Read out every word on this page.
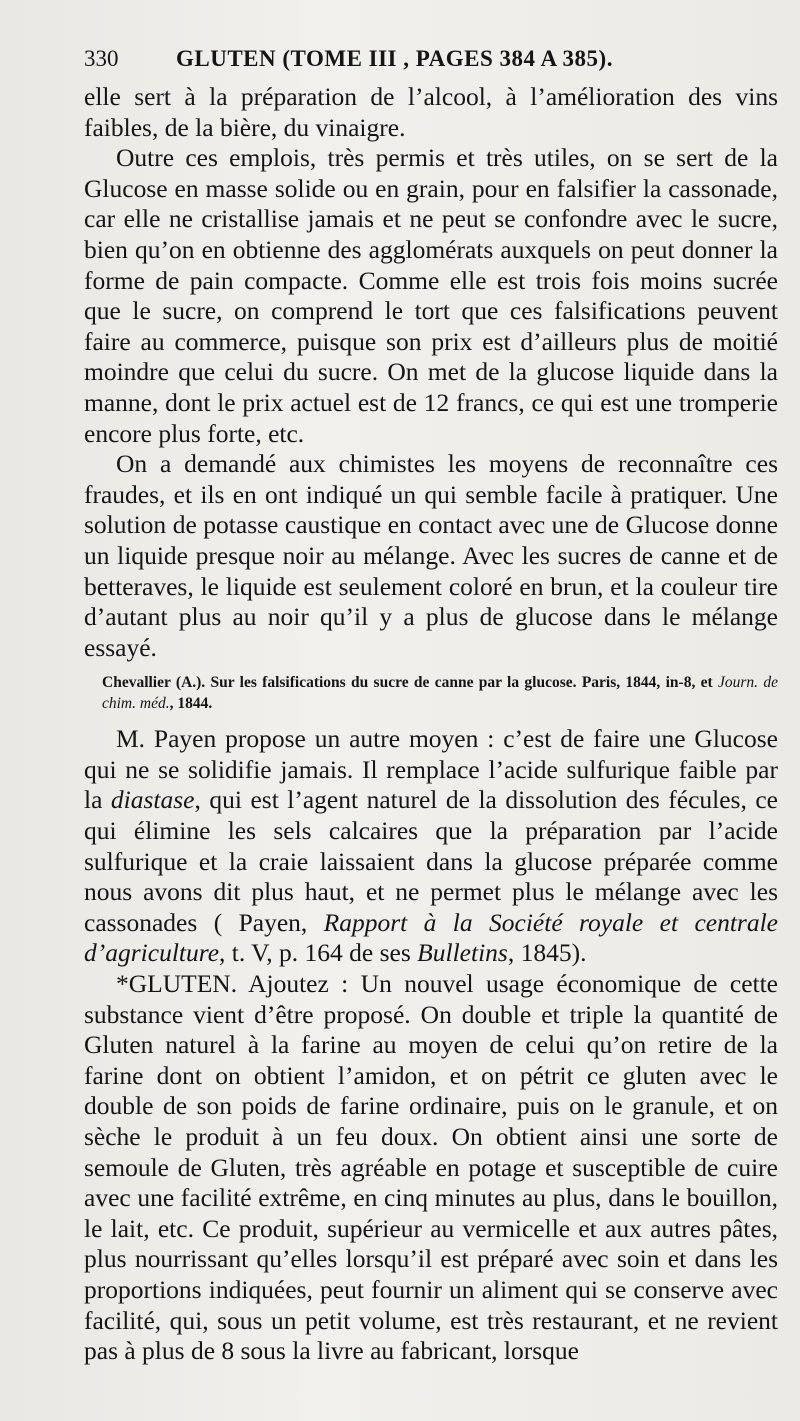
330	GLUTEN (TOME III , PAGES 384 A 385).

elle sert à la préparation de l’alcool, à l’amélioration des vins faibles, de la bière, du vinaigre.

Outre ces emplois, très permis et très utiles, on se sert de la Glucose en masse solide ou en grain, pour en falsifier la cassonade, car elle ne cristallise jamais et ne peut se confondre avec le sucre, bien qu’on en obtienne des agglomérats auxquels on peut donner la forme de pain compacte. Comme elle est trois fois moins sucrée que le sucre, on comprend le tort que ces falsifications peuvent faire au commerce, puisque son prix est d’ailleurs plus de moitié moindre que celui du sucre. On met de la glucose liquide dans la manne, dont le prix actuel est de 12 francs, ce qui est une tromperie encore plus forte, etc.

On a demandé aux chimistes les moyens de reconnaître ces fraudes, et ils en ont indiqué un qui semble facile à pratiquer. Une solution de potasse caustique en contact avec une de Glucose donne un liquide presque noir au mélange. Avec les sucres de canne et de betteraves, le liquide est seulement coloré en brun, et la couleur tire d’autant plus au noir qu’il y a plus de glucose dans le mélange essayé.

Chevallier (A.). Sur les falsifications du sucre de canne par la glucose. Paris, 1844, in-8, et Journ. de chim. méd., 1844.

M. Payen propose un autre moyen : c’est de faire une Glucose qui ne se solidifie jamais. Il remplace l’acide sulfurique faible par la diastase, qui est l’agent naturel de la dissolution des fécules, ce qui élimine les sels calcaires que la préparation par l’acide sulfurique et la craie laissaient dans la glucose préparée comme nous avons dit plus haut, et ne permet plus le mélange avec les cassonades ( Payen, Rapport à la Société royale et centrale d’agriculture, t. V, p. 164 de ses Bulletins, 1845).

*GLUTEN. Ajoutez : Un nouvel usage économique de cette substance vient d’être proposé. On double et triple la quantité de Gluten naturel à la farine au moyen de celui qu’on retire de la farine dont on obtient l’amidon, et on pétrit ce gluten avec le double de son poids de farine ordinaire, puis on le granule, et on sèche le produit à un feu doux. On obtient ainsi une sorte de semoule de Gluten, très agréable en potage et susceptible de cuire avec une facilité extrême, en cinq minutes au plus, dans le bouillon, le lait, etc. Ce produit, supérieur au vermicelle et aux autres pâtes, plus nourrissant qu’elles lorsqu’il est préparé avec soin et dans les proportions indiquées, peut fournir un aliment qui se conserve avec facilité, qui, sous un petit volume, est très restaurant, et ne revient pas à plus de 8 sous la livre au fabricant, lorsque
